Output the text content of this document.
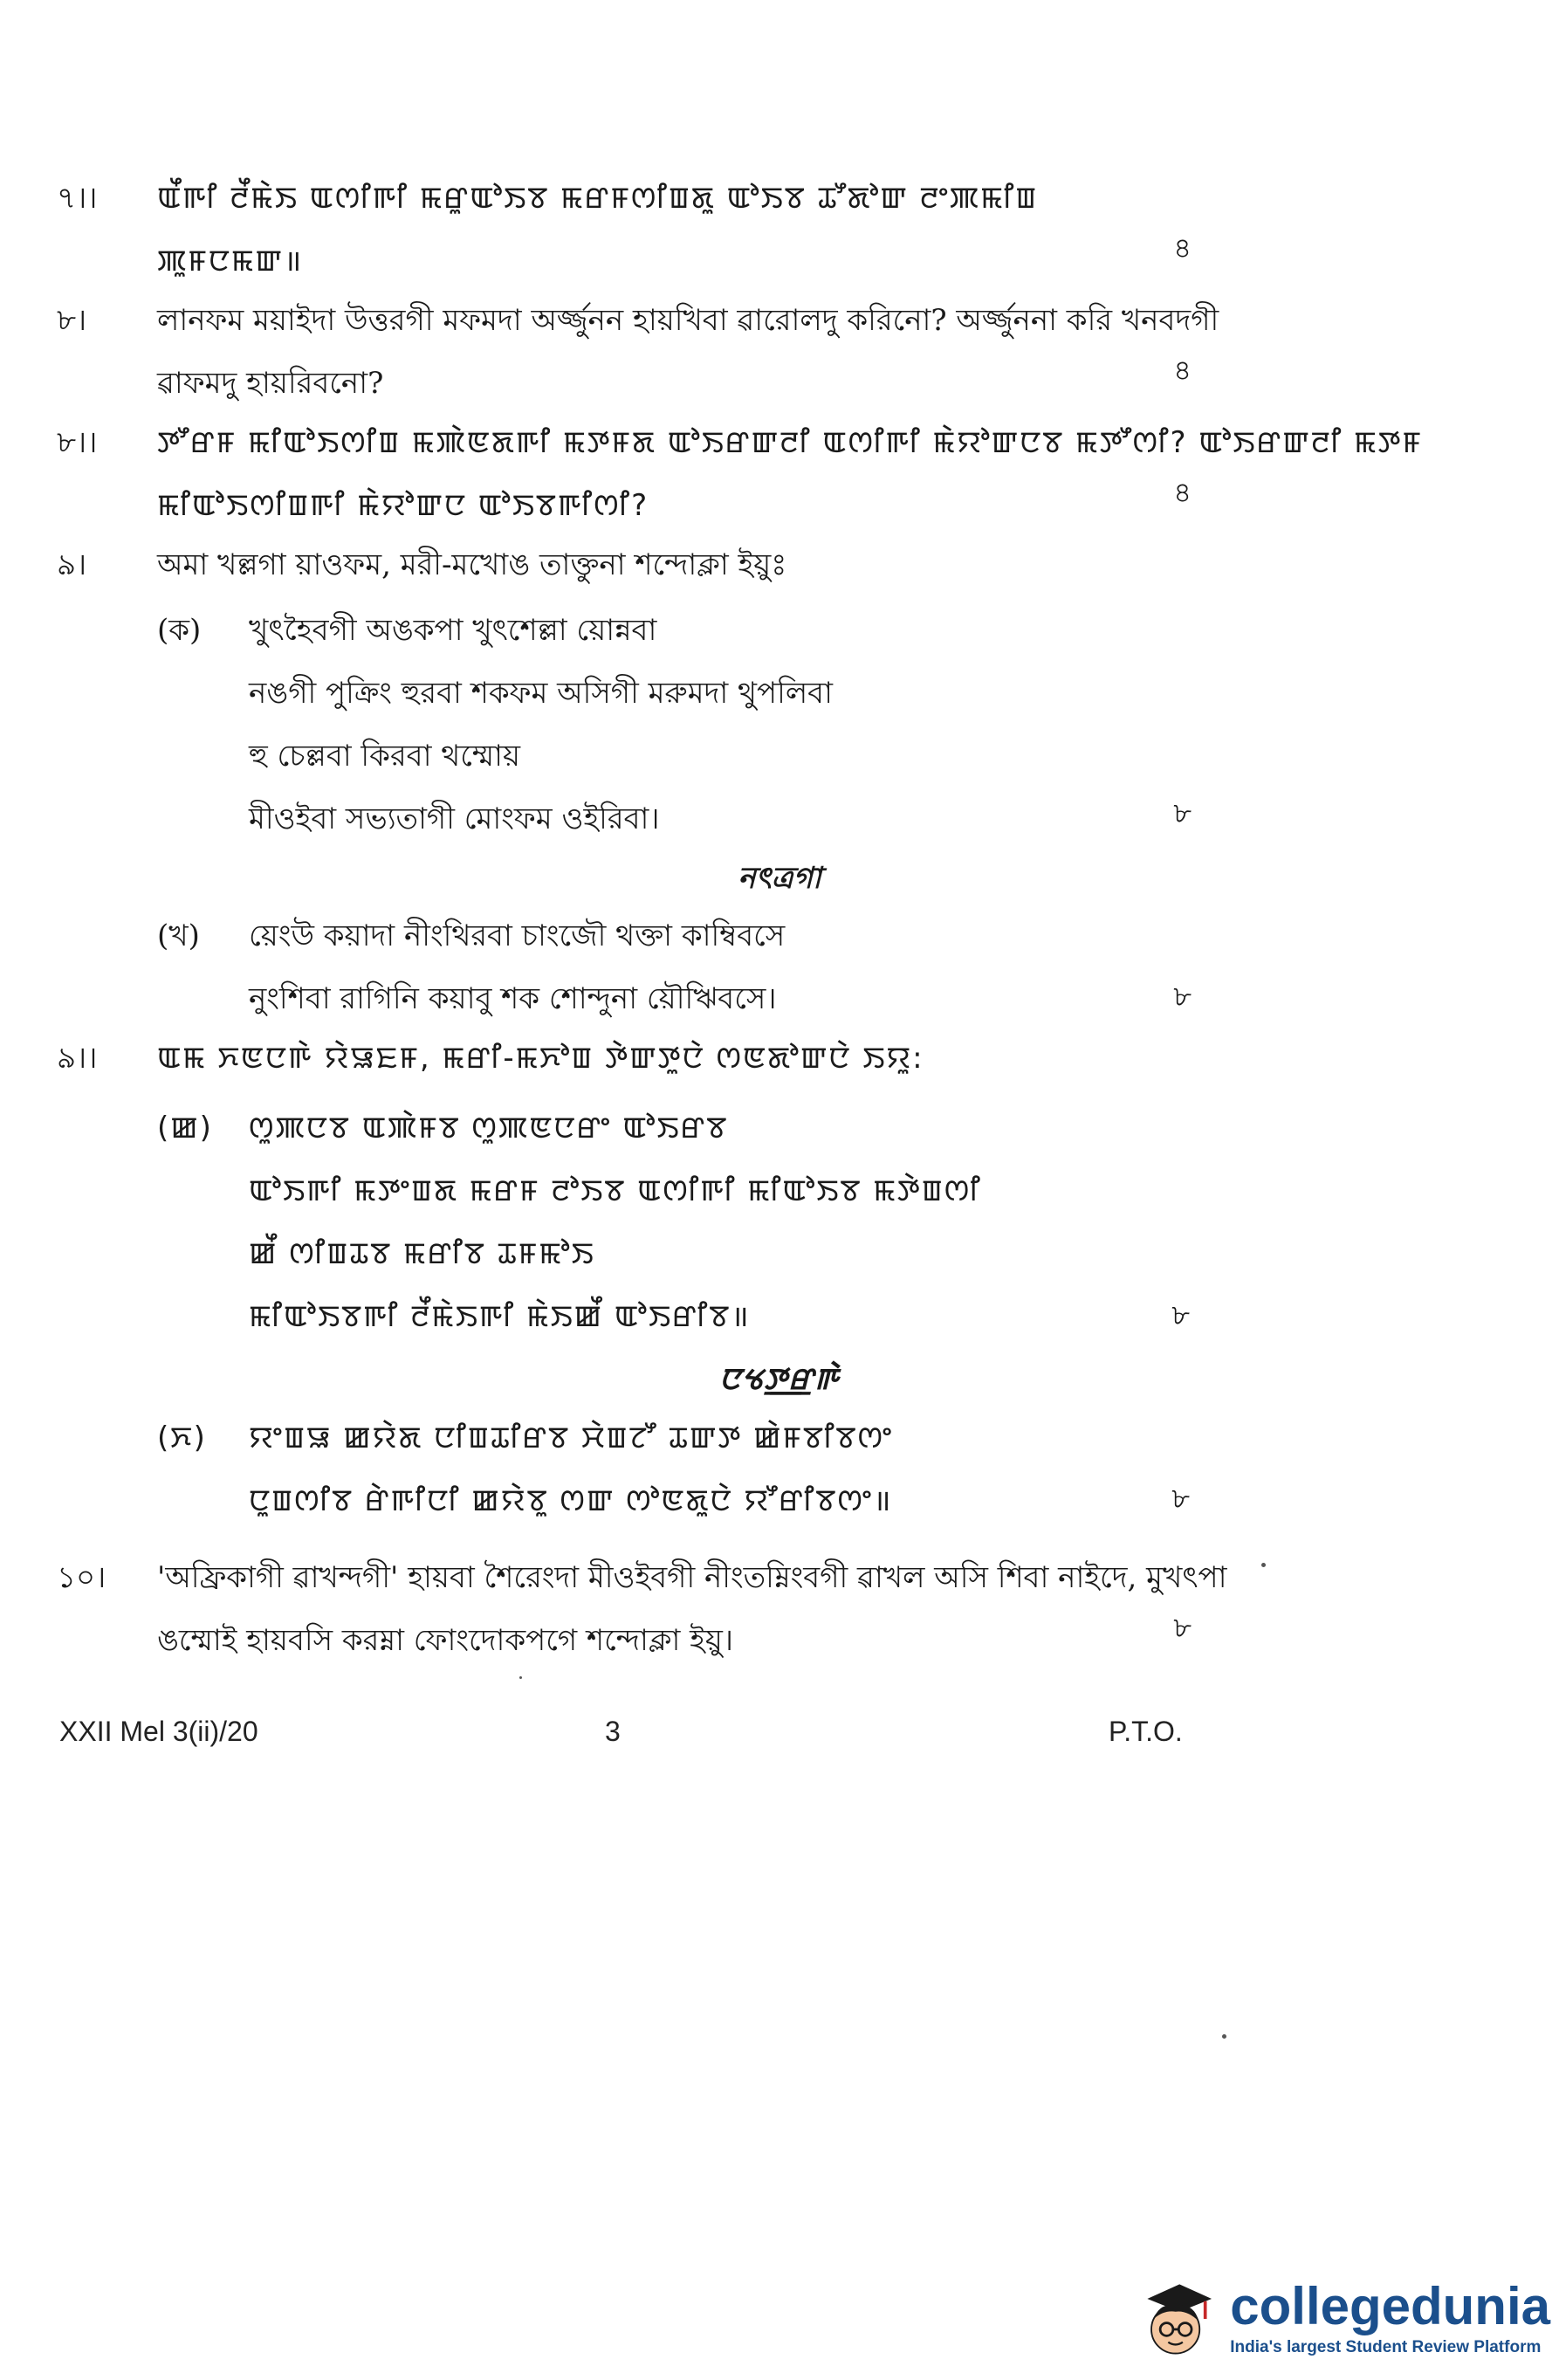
৭।।	ꯑꯩꯒꯤ ꯂꯩꯃꯥꯏ ꯑꯁꯤꯒꯤ ꯃꯔꯨꯑꯣꯏꯕ ꯃꯔꯝꯁꯤꯡꯗꯨ ꯑꯣꯏꯕ ꯊꯧꯗꯣꯛ ꯂꯦꯄꯃꯤꯡ
ꯄꯨꯝꯅꯃꯛ॥	৪
৮।	লানফম ময়াইদা উত্তরগী মফমদা অর্জ্জুনন হায়খিবা ৱারোলদু করিনো? অর্জ্জুননা করি খনবদগী
ৱাফমদু হায়রিবনো?	৪
৮।।	ꯇꯧꯔꯝ ꯃꯤꯑꯣꯏꯁꯤꯡ ꯃꯄꯥꯟꯗꯒꯤ ꯃꯇꯝꯗ ꯑꯣꯏꯔꯛꯂꯤ ꯑꯁꯤꯒꯤ ꯃꯥꯌꯣꯛꯅꯕ ꯃꯇꯧꯁꯤ? ꯑꯣꯏꯔꯛꯂꯤ ꯃꯇꯝ
ꯃꯤꯑꯣꯏꯁꯤꯡꯒꯤ ꯃꯥꯌꯣꯛꯅ ꯑꯣꯏꯕꯒꯤꯁꯤ?	৪
৯।	অমা খল্লগা য়াওফম, মরী-মখোঙ তাক্তুনা শন্দোক্লা ইয়ুঃ
(ক)	খুৎহৈবগী অঙকপা খুৎশেল্লা য়োন্নবা
নঙগী পুক্রিং হুরবা শকফম অসিগী মরুমদা থুপলিবা
হু চেল্লবা কিরবা থম্মোয়
মীওইবা সভ্যতাগী মোংফম ওইরিবা।	৮
নৎত্ৰগা
(খ)	য়েংউ কয়াদা নীংথিরবা চাংজৌ থক্তা কাম্বিবসে
নুংশিবা রাগিনি কয়াবু শক শোন্দুনা য়ৌঋিবসে।	৮
৯।।	ꯑꯃ ꯈꯟꯅꯒꯥ ꯌꯥꯎꯐꯝ, ꯃꯔꯤ-ꯃꯈꯣꯡ ꯇꯥꯛꯇꯨꯅꯥ ꯁꯟꯗꯣꯛꯅꯥ ꯏꯌꯨ:
(ꯀ)	ꯁꯨꯄꯅꯕ ꯑꯄꯥꯝꯕ ꯁꯨꯄꯟꯅꯔꯦ ꯑꯣꯏꯔꯕ
ꯑꯣꯏꯒꯤ ꯃꯇꯦꯡꯗ ꯃꯔꯝ ꯂꯣꯏꯕ ꯑꯁꯤꯒꯤ ꯃꯤꯑꯣꯏꯕ ꯃꯇꯥꯡꯁꯤ
ꯀꯩ ꯁꯤꯡꯊꯕ ꯃꯔꯤꯕ ꯊꯝꯃꯣꯏ
ꯃꯤꯑꯣꯏꯕꯒꯤ ꯂꯩꯃꯥꯏꯒꯤ ꯃꯥꯏꯀꯩ ꯑꯣꯏꯔꯤꯕ॥	৮
ꯅꯠꯇ꯭ꯔꯒꯥ
(ꯈ)	ꯌꯦꯡꯎ ꯀꯌꯥꯗ ꯅꯤꯡꯊꯤꯔꯕ ꯆꯥꯡꯖꯧ ꯊꯛꯇ ꯀꯥꯝꯕꯤꯕꯁꯦ
ꯅꯨꯡꯁꯤꯕ ꯔꯥꯒꯤꯅꯤ ꯀꯌꯥꯕꯨ ꯁꯛ ꯁꯣꯟꯗꯨꯅꯥ ꯌꯧꯔꯤꯕꯁꯦ॥	৮
১০।	'অফ্রিকাগী ৱাখন্দগী' হায়বা শৈরেংদা মীওইবগী নীংতম্নিংবগী ৱাখল অসি শিবা নাইদে, মুখৎপা
ঙম্মোই হায়বসি করম্না ফোংদোকপগে শন্দোক্লা ইয়ু।	৮
XXII Mel 3(ii)/20	3	P.T.O.
collegedunia
India's largest Student Review Platform
